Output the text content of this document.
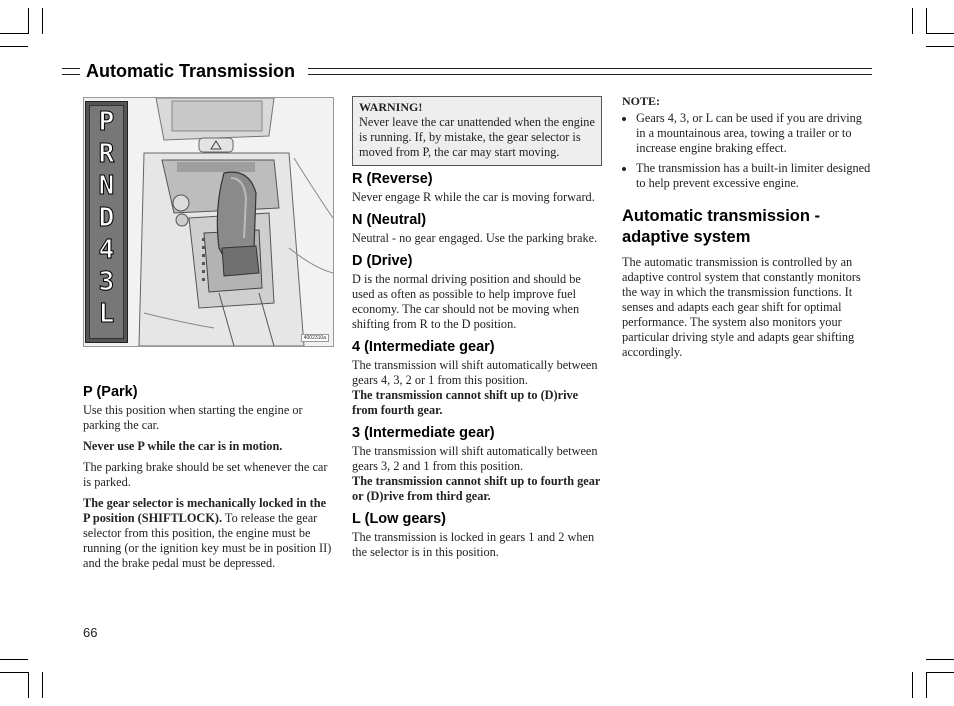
Automatic Transmission
P
R
N
D
4
3
L
4002310a
P (Park)

Use this position when starting the engine or parking the car.

Never use P while the car is in motion.

The parking brake should be set whenever the car is parked.

The gear selector is mechanically locked in the P position (SHIFTLOCK). To release the gear selector from this position, the engine must be running (or the ignition key must be in position II) and the brake pedal must be depressed.

WARNING!
Never leave the car unattended when the engine is running. If, by mistake, the gear selector is moved from P, the car may start moving.
R (Reverse)

Never engage R while the car is moving forward.

N (Neutral)

Neutral - no gear engaged. Use the parking brake.

D (Drive)

D is the normal driving position and should be used as often as possible to help improve fuel economy. The car should not be moving when shifting from R to the D position.

4 (Intermediate gear)

The transmission will shift automatically between gears 4, 3, 2 or 1 from this position.
The transmission cannot shift up to (D)rive from fourth gear.

3 (Intermediate gear)

The transmission will shift automatically between gears 3, 2 and 1 from this position.
The transmission cannot shift up to fourth gear or (D)rive from third gear.

L (Low gears)

The transmission is locked in gears 1 and 2 when the selector is in this position.

NOTE:
• Gears 4, 3, or L can be used if you are driving in a mountainous area, towing a trailer or to increase engine braking effect.
• The transmission has a built-in limiter designed to help prevent excessive engine.
Automatic transmission - adaptive system

The automatic transmission is controlled by an adaptive control system that constantly monitors the way in which the transmission functions. It senses and adapts each gear shift for optimal performance. The system also monitors your particular driving style and adapts gear shifting accordingly.

66
